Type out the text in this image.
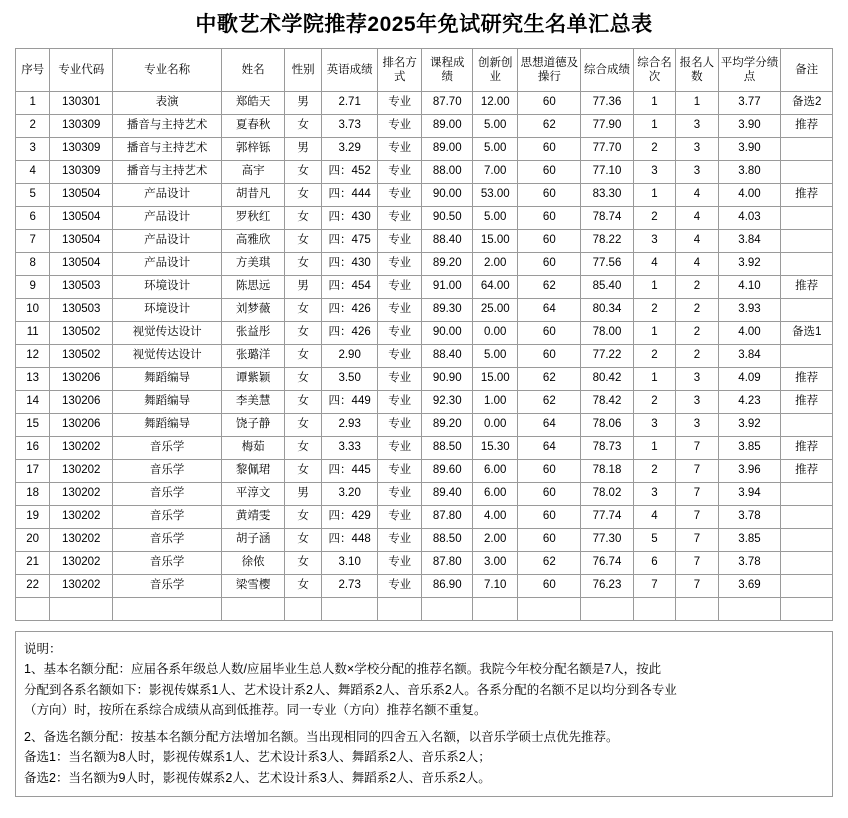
中歌艺术学院推荐2025年免试研究生名单汇总表
序号	专业代码	专业名称	姓名	性别	英语成绩	排名方式	课程成绩	创新创业	思想道德及操行	综合成绩	综合名次	报名人数	平均学分绩点	备注
1	130301	表演	郑皓天	男	2.71	专业	87.70	12.00	60	77.36	1	1	3.77	备选2
2	130309	播音与主持艺术	夏春秋	女	3.73	专业	89.00	5.00	62	77.90	1	3	3.90	推荐
3	130309	播音与主持艺术	郭梓铄	男	3.29	专业	89.00	5.00	60	77.70	2	3	3.90	
4	130309	播音与主持艺术	高宇	女	四：452	专业	88.00	7.00	60	77.10	3	3	3.80	
5	130504	产品设计	胡昔凡	女	四：444	专业	90.00	53.00	60	83.30	1	4	4.00	推荐
6	130504	产品设计	罗秋红	女	四：430	专业	90.50	5.00	60	78.74	2	4	4.03	
7	130504	产品设计	高雅欣	女	四：475	专业	88.40	15.00	60	78.22	3	4	3.84	
8	130504	产品设计	方美琪	女	四：430	专业	89.20	2.00	60	77.56	4	4	3.92	
9	130503	环境设计	陈思远	男	四：454	专业	91.00	64.00	62	85.40	1	2	4.10	推荐
10	130503	环境设计	刘梦薇	女	四：426	专业	89.30	25.00	64	80.34	2	2	3.93	
11	130502	视觉传达设计	张益彤	女	四：426	专业	90.00	0.00	60	78.00	1	2	4.00	备选1
12	130502	视觉传达设计	张璐洋	女	2.90	专业	88.40	5.00	60	77.22	2	2	3.84	
13	130206	舞蹈编导	谭紫颖	女	3.50	专业	90.90	15.00	62	80.42	1	3	4.09	推荐
14	130206	舞蹈编导	李美慧	女	四：449	专业	92.30	1.00	62	78.42	2	3	4.23	推荐
15	130206	舞蹈编导	饶子静	女	2.93	专业	89.20	0.00	64	78.06	3	3	3.92	
16	130202	音乐学	梅茹	女	3.33	专业	88.50	15.30	64	78.73	1	7	3.85	推荐
17	130202	音乐学	黎佩珺	女	四：445	专业	89.60	6.00	60	78.18	2	7	3.96	推荐
18	130202	音乐学	平淳文	男	3.20	专业	89.40	6.00	60	78.02	3	7	3.94	
19	130202	音乐学	黄靖雯	女	四：429	专业	87.80	4.00	60	77.74	4	7	3.78	
20	130202	音乐学	胡子涵	女	四：448	专业	88.50	2.00	60	77.30	5	7	3.85	
21	130202	音乐学	徐侬	女	3.10	专业	87.80	3.00	62	76.74	6	7	3.78	
22	130202	音乐学	梁雪樱	女	2.73	专业	86.90	7.10	60	76.23	7	7	3.69	

说明：

1、基本名额分配：应届各系年级总人数/应届毕业生总人数×学校分配的推荐名额。我院今年校分配名额是7人，按此

分配到各系名额如下：影视传媒系1人、艺术设计系2人、舞蹈系2人、音乐系2人。各系分配的名额不足以均分到各专业

（方向）时，按所在系综合成绩从高到低推荐。同一专业（方向）推荐名额不重复。

2、备选名额分配：按基本名额分配方法增加名额。当出现相同的四舍五入名额，以音乐学硕士点优先推荐。

备选1：当名额为8人时，影视传媒系1人、艺术设计系3人、舞蹈系2人、音乐系2人；

备选2：当名额为9人时，影视传媒系2人、艺术设计系3人、舞蹈系2人、音乐系2人。
